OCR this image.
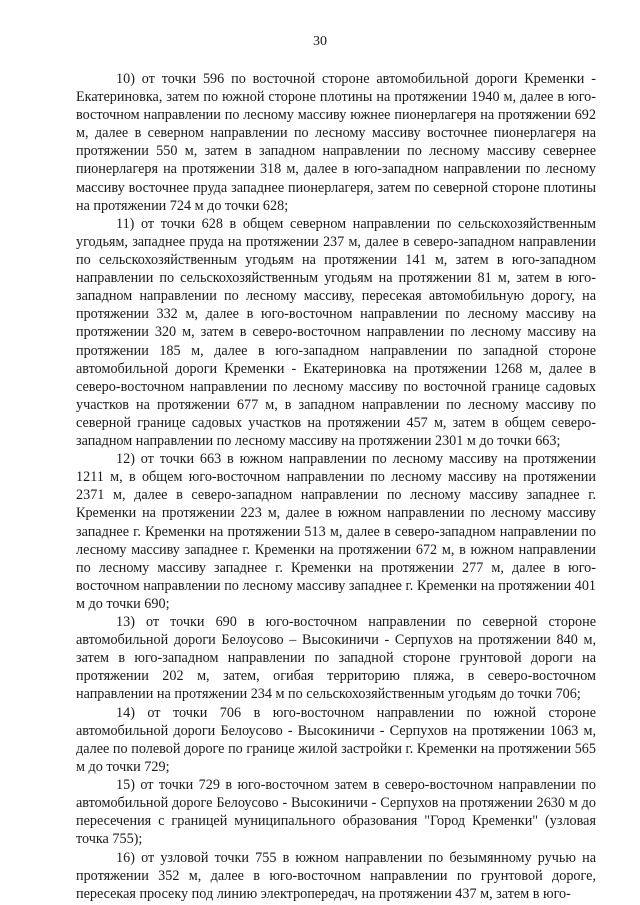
30

10) от точки 596 по восточной стороне автомобильной дороги Кременки - Екатериновка, затем по южной стороне плотины на протяжении 1940 м, далее в юго-восточном направлении по лесному массиву южнее пионерлагеря на протяжении 692 м, далее в северном направлении по лесному массиву восточнее пионерлагеря на протяжении 550 м, затем в западном направлении по лесному массиву севернее пионерлагеря на протяжении 318 м, далее в юго-западном направлении по лесному массиву восточнее пруда западнее пионерлагеря, затем по северной стороне плотины на протяжении 724 м до точки 628;

11) от точки 628 в общем северном направлении по сельскохозяйственным угодьям, западнее пруда на протяжении 237 м, далее в северо-западном направлении по сельскохозяйственным угодьям на протяжении 141 м, затем в юго-западном направлении по сельскохозяйственным угодьям на протяжении 81 м, затем в юго-западном направлении по лесному массиву, пересекая автомобильную дорогу, на протяжении 332 м, далее в юго-восточном направлении по лесному массиву на протяжении 320 м, затем в северо-восточном направлении по лесному массиву на протяжении 185 м, далее в юго-западном направлении по западной стороне автомобильной дороги Кременки - Екатериновка на протяжении 1268 м, далее в северо-восточном направлении по лесному массиву по восточной границе садовых участков на протяжении 677 м, в западном направлении по лесному массиву по северной границе садовых участков на протяжении 457 м, затем в общем северо-западном направлении по лесному массиву на протяжении 2301 м до точки 663;

12) от точки 663 в южном направлении по лесному массиву на протяжении 1211 м, в общем юго-восточном направлении по лесному массиву на протяжении 2371 м, далее в северо-западном направлении по лесному массиву западнее г. Кременки на протяжении 223 м, далее в южном направлении по лесному массиву западнее г. Кременки на протяжении 513 м, далее в северо-западном направлении по лесному массиву западнее г. Кременки на протяжении 672 м, в южном направлении по лесному массиву западнее г. Кременки на протяжении 277 м, далее в юго-восточном направлении по лесному массиву западнее г. Кременки на протяжении 401 м до точки 690;

13) от точки 690 в юго-восточном направлении по северной стороне автомобильной дороги Белоусово – Высокиничи - Серпухов на протяжении 840 м, затем в юго-западном направлении по западной стороне грунтовой дороги на протяжении 202 м, затем, огибая территорию пляжа, в северо-восточном направлении на протяжении 234 м по сельскохозяйственным угодьям до точки 706;

14) от точки 706 в юго-восточном направлении по южной стороне автомобильной дороги Белоусово - Высокиничи - Серпухов на протяжении 1063 м, далее по полевой дороге по границе жилой застройки г. Кременки на протяжении 565 м до точки 729;

15) от точки 729 в юго-восточном затем в северо-восточном направлении по автомобильной дороге Белоусово - Высокиничи - Серпухов на протяжении 2630 м до пересечения с границей муниципального образования "Город Кременки" (узловая точка 755);

16) от узловой точки 755 в южном направлении по безымянному ручью на протяжении 352 м, далее в юго-восточном направлении по грунтовой дороге, пересекая просеку под линию электропередач, на протяжении 437 м, затем в юго-
